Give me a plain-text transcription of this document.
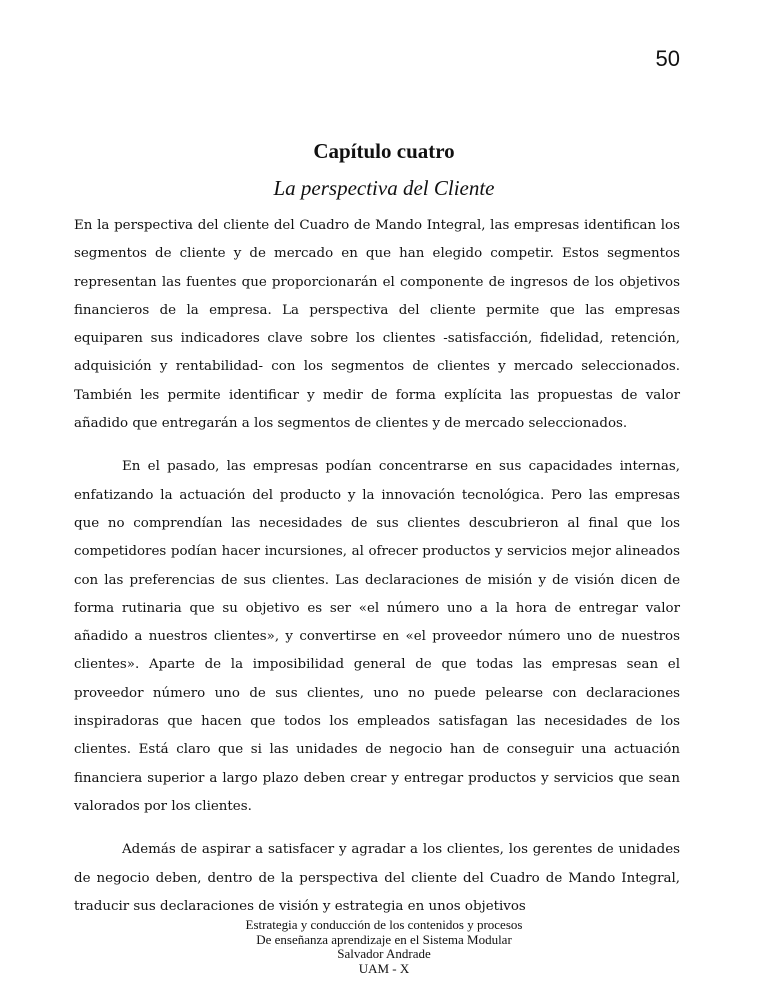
50
Capítulo cuatro
La perspectiva del Cliente

En la perspectiva del cliente del Cuadro de Mando Integral, las empresas identifican los segmentos de cliente y de mercado en que han elegido competir. Estos segmentos representan las fuentes que proporcionarán el componente de ingresos de los objetivos financieros de la empresa. La perspectiva del cliente permite que las empresas equiparen sus indicadores clave sobre los clientes -satisfacción, fidelidad, retención, adquisición y rentabilidad- con los segmentos de clientes y mercado seleccionados. También les permite identificar y medir de forma explícita las propuestas de valor añadido que entregarán a los segmentos de clientes y de mercado seleccionados.

En el pasado, las empresas podían concentrarse en sus capacidades internas, enfatizando la actuación del producto y la innovación tecnológica. Pero las empresas que no comprendían las necesidades de sus clientes descubrieron al final que los competidores podían hacer incursiones, al ofrecer productos y servicios mejor alineados con las preferencias de sus clientes. Las declaraciones de misión y de visión dicen de forma rutinaria que su objetivo es ser «el número uno a la hora de entregar valor añadido a nuestros clientes», y convertirse en «el proveedor número uno de nuestros clientes». Aparte de la imposibilidad general de que todas las empresas sean el proveedor número uno de sus clientes, uno no puede pelearse con declaraciones inspiradoras que hacen que todos los empleados satisfagan las necesidades de los clientes. Está claro que si las unidades de negocio han de conseguir una actuación financiera superior a largo plazo deben crear y entregar productos y servicios que sean valorados por los clientes.

Además de aspirar a satisfacer y agradar a los clientes, los gerentes de unidades de negocio deben, dentro de la perspectiva del cliente del Cuadro de Mando Integral, traducir sus declaraciones de visión y estrategia en unos objetivos

Estrategia y conducción de los contenidos y procesos
De enseñanza aprendizaje en el Sistema Modular
Salvador Andrade
UAM - X
